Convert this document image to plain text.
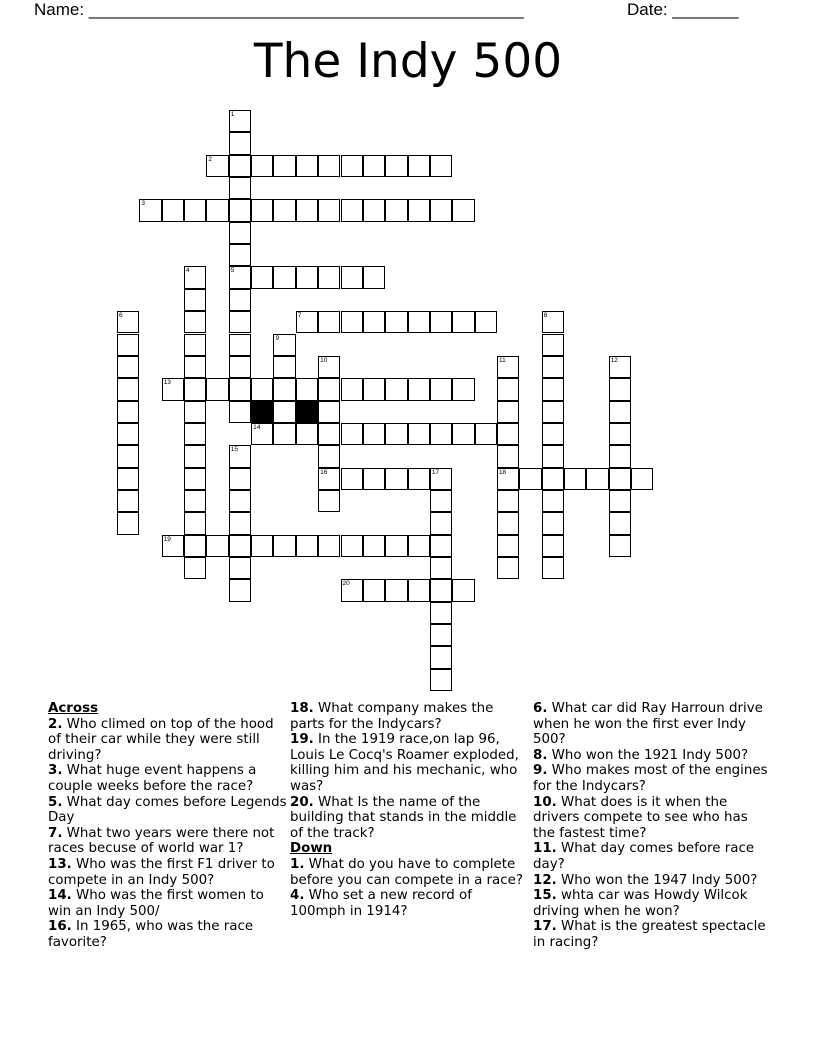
Name: ______________________________________________	Date: _______
The Indy 500
1
5
2
3
4
6	7	8
9
10
16
11
18
12
13
14
15
17
19
20
Across
2. Who climed on top of the hood of their car while they were still driving?
3. What huge event happens a couple weeks before the race?
5. What day comes before Legends Day
7. What two years were there not races becuse of world war 1?
13. Who was the first F1 driver to compete in an Indy 500?
14. Who was the first women to win an Indy 500/
16. In 1965, who was the race favorite?
18. What company makes the parts for the Indycars?
19. In the 1919 race,on lap 96, Louis Le Cocq's Roamer exploded, killing him and his mechanic, who was?
20. What Is the name of the building that stands in the middle of the track?
Down
1. What do you have to complete before you can compete in a race?
4. Who set a new record of 100mph in 1914?
6. What car did Ray Harroun drive when he won the first ever Indy 500?
8. Who won the 1921 Indy 500?
9. Who makes most of the engines for the Indycars?
10. What does is it when the drivers compete to see who has the fastest time?
11. What day comes before race day?
12. Who won the 1947 Indy 500?
15. whta car was Howdy Wilcok driving when he won?
17. What is the greatest spectacle in racing?
